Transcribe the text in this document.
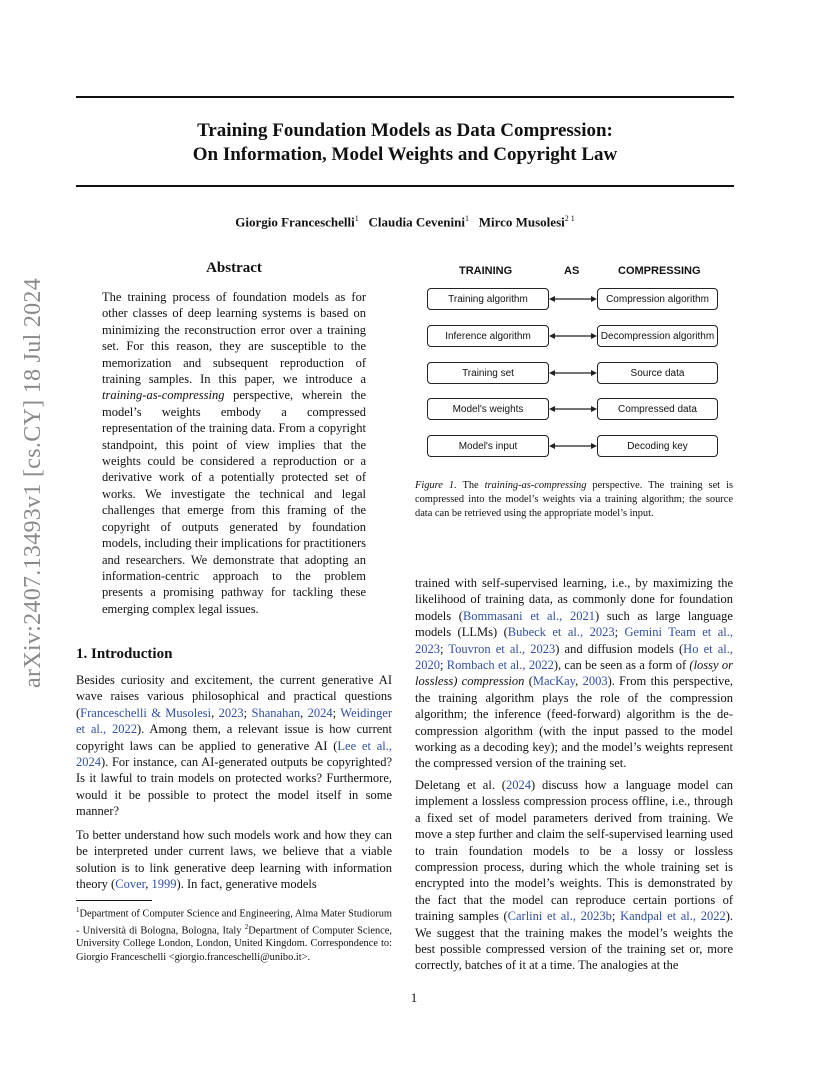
arXiv:2407.13493v1 [cs.CY] 18 Jul 2024
Training Foundation Models as Data Compression:
On Information, Model Weights and Copyright Law
Giorgio Franceschelli$^1$ Claudia Cevenini$^1$ Mirco Musolesi$^{2 1}$
Abstract
The training process of foundation models as for other classes of deep learning systems is based on minimizing the reconstruction error over a training set. For this reason, they are susceptible to the memorization and subsequent reproduction of training samples. In this paper, we introduce a training-as-compressing perspective, wherein the model’s weights embody a compressed representation of the training data. From a copyright standpoint, this point of view implies that the weights could be considered a reproduction or a derivative work of a potentially protected set of works. We investigate the technical and legal challenges that emerge from this framing of the copyright of outputs generated by foundation models, including their implications for practitioners and researchers. We demonstrate that adopting an information-centric approach to the problem presents a promising pathway for tackling these emerging complex legal issues.
1. Introduction
Besides curiosity and excitement, the current generative AI wave raises various philosophical and practical questions (Franceschelli & Musolesi, 2023; Shanahan, 2024; Weidinger et al., 2022). Among them, a relevant issue is how current copyright laws can be applied to generative AI (Lee et al., 2024). For instance, can AI-generated outputs be copyrighted? Is it lawful to train models on protected works? Furthermore, would it be possible to protect the model itself in some manner?
To better understand how such models work and how they can be interpreted under current laws, we believe that a viable solution is to link generative deep learning with information theory (Cover, 1999). In fact, generative models
$^1$Department of Computer Science and Engineering, Alma Mater Studiorum - Università di Bologna, Bologna, Italy $^2$Department of Computer Science, University College London, London, United Kingdom. Correspondence to: Giorgio Franceschelli <giorgio.franceschelli@unibo.it>.
TRAINING	AS	COMPRESSING
Training algorithm	Compression algorithm
Inference algorithm	Decompression algorithm
Training set	Source data
Model's weights	Compressed data
Model's input	Decoding key
Figure 1. The training-as-compressing perspective. The training set is compressed into the model’s weights via a training algorithm; the source data can be retrieved using the appropriate model’s input.
trained with self-supervised learning, i.e., by maximizing the likelihood of training data, as commonly done for foundation models (Bommasani et al., 2021) such as large language models (LLMs) (Bubeck et al., 2023; Gemini Team et al., 2023; Touvron et al., 2023) and diffusion models (Ho et al., 2020; Rombach et al., 2022), can be seen as a form of (lossy or lossless) compression (MacKay, 2003). From this perspective, the training algorithm plays the role of the compression algorithm; the inference (feed-forward) algorithm is the de-compression algorithm (with the input passed to the model working as a decoding key); and the model’s weights represent the compressed version of the training set.
Deletang et al. (2024) discuss how a language model can implement a lossless compression process offline, i.e., through a fixed set of model parameters derived from training. We move a step further and claim the self-supervised learning used to train foundation models to be a lossy or lossless compression process, during which the whole training set is encrypted into the model’s weights. This is demonstrated by the fact that the model can reproduce certain portions of training samples (Carlini et al., 2023b; Kandpal et al., 2022). We suggest that the training makes the model’s weights the best possible compressed version of the training set or, more correctly, batches of it at a time. The analogies at the
1
